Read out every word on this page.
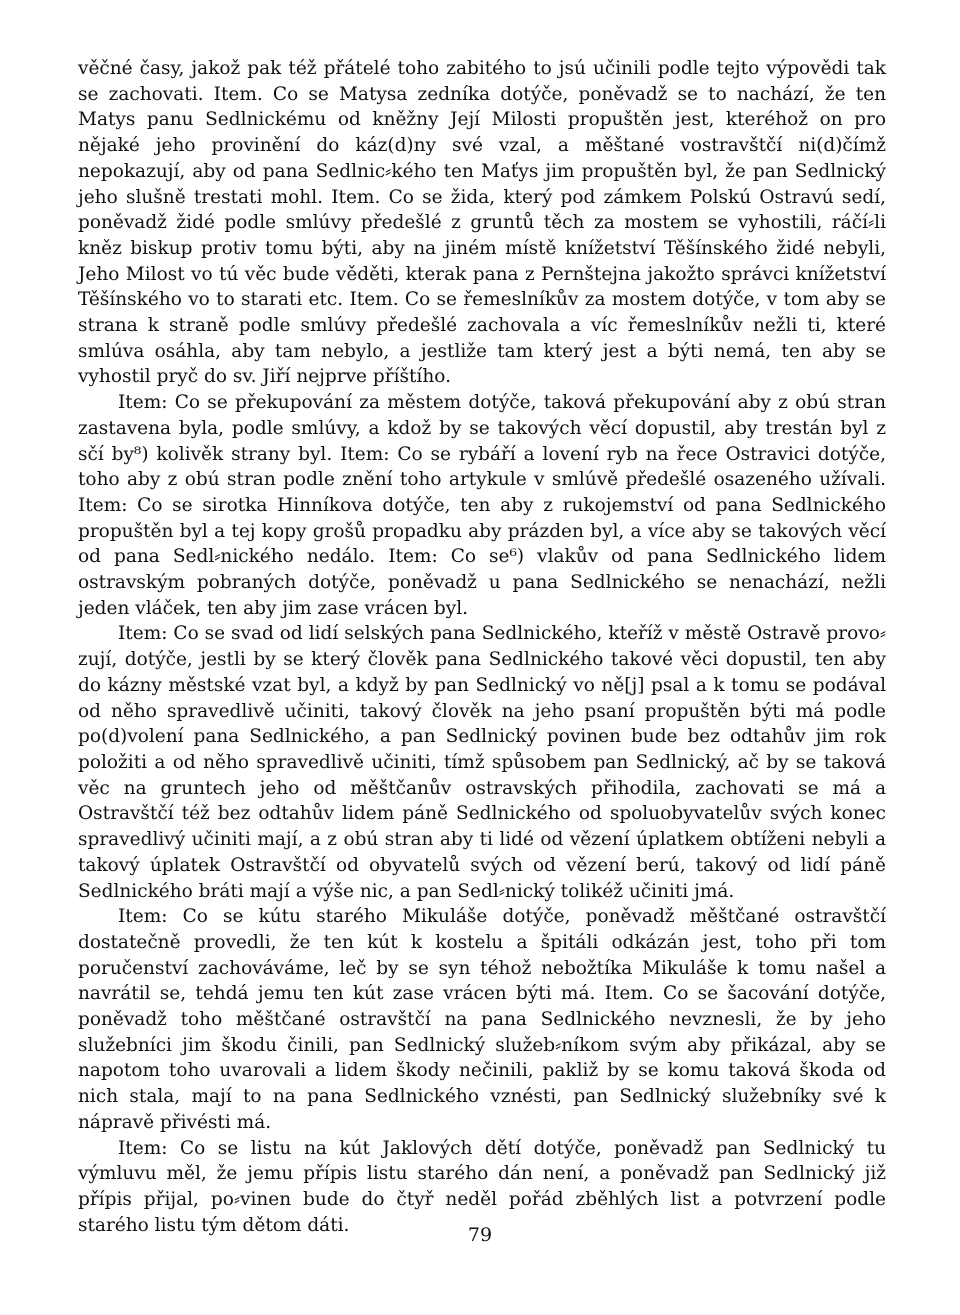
věčné časy, jakož pak též přátelé toho zabitého to jsú učinili podle tejto výpovědi tak se zachovati. Item. Co se Matysa zedníka dotýče, poněvadž se to nachází, že ten Matys panu Sedlnickému od kněžny Její Milosti propuštěn jest, kteréhož on pro nějaké jeho provinění do káz(d)ny své vzal, a měštané vostravštčí ni(d)čímž nepokazují, aby od pana Sedlnic⸗kého ten Maťys jim propuštěn byl, že pan Sedlnický jeho slušně trestati mohl. Item. Co se žida, který pod zámkem Polskú Ostravú sedí, poněvadž židé podle smlúvy předešlé z gruntů těch za mostem se vyhostili, ráčí⸗li kněz biskup protiv tomu býti, aby na jiném místě knížetství Těšínského židé nebyli, Jeho Milost vo tú věc bude věděti, kterak pana z Pernštejna jakožto správci knížetství Těšínského vo to starati etc. Item. Co se řemeslníkův za mostem dotýče, v tom aby se strana k straně podle smlúvy předešlé zachovala a víc řemeslníkův nežli ti, které smlúva osáhla, aby tam nebylo, a jestliže tam který jest a býti nemá, ten aby se vyhostil pryč do sv. Jiří nejprve příštího.

Item: Co se překupování za městem dotýče, taková překupování aby z obú stran zastavena byla, podle smlúvy, a kdož by se takových věcí dopustil, aby trestán byl z sčí by⁸) kolivěk strany byl. Item: Co se rybáří a lovení ryb na řece Ostravici dotýče, toho aby z obú stran podle znění toho artykule v smlúvě předešlé osazeného užívali. Item: Co se sirotka Hinníkova dotýče, ten aby z rukojemství od pana Sedlnického propuštěn byl a tej kopy grošů propadku aby prázden byl, a více aby se takových věcí od pana Sedl⸗nického nedálo. Item: Co se⁶) vlakův od pana Sedlnického lidem ostravským pobraných dotýče, poněvadž u pana Sedlnického se nenachází, nežli jeden vláček, ten aby jim zase vrácen byl.

Item: Co se svad od lidí selských pana Sedlnického, kteříž v městě Ostravě provo⸗zují, dotýče, jestli by se který člověk pana Sedlnického takové věci dopustil, ten aby do kázny městské vzat byl, a když by pan Sedlnický vo ně[j] psal a k tomu se podával od něho spravedlivě učiniti, takový člověk na jeho psaní propuštěn býti má podle po(d)volení pana Sedlnického, a pan Sedlnický povinen bude bez odtahův jim rok položiti a od něho spravedlivě učiniti, tímž spůsobem pan Sedlnický, ač by se taková věc na gruntech jeho od měštčanův ostravských přihodila, zachovati se má a Ostravštčí též bez odtahův lidem páně Sedlnického od spoluobyvatelův svých konec spravedlivý učiniti mají, a z obú stran aby ti lidé od vězení úplatkem obtíženi nebyli a takový úplatek Ostravštčí od obyvatelů svých od vězení berú, takový od lidí páně Sedlnického bráti mají a výše nic, a pan Sedl⸗nický tolikéž učiniti jmá.

Item: Co se kútu starého Mikuláše dotýče, poněvadž měštčané ostravštčí dostatečně provedli, že ten kút k kostelu a špitáli odkázán jest, toho při tom poručenství zachováváme, leč by se syn téhož nebožtíka Mikuláše k tomu našel a navrátil se, tehdá jemu ten kút zase vrácen býti má. Item. Co se šacování dotýče, poněvadž toho měštčané ostravštčí na pana Sedlnického nevznesli, že by jeho služebníci jim škodu činili, pan Sedlnický služeb⸗níkom svým aby přikázal, aby se napotom toho uvarovali a lidem škody nečinili, pakliž by se komu taková škoda od nich stala, mají to na pana Sedlnického vznésti, pan Sedlnický služebníky své k nápravě přivésti má.

Item: Co se listu na kút Jaklových dětí dotýče, poněvadž pan Sedlnický tu výmluvu měl, že jemu přípis listu starého dán není, a poněvadž pan Sedlnický již přípis přijal, po⸗vinen bude do čtyř neděl pořád zběhlých list a potvrzení podle starého listu tým dětom dáti.	79
